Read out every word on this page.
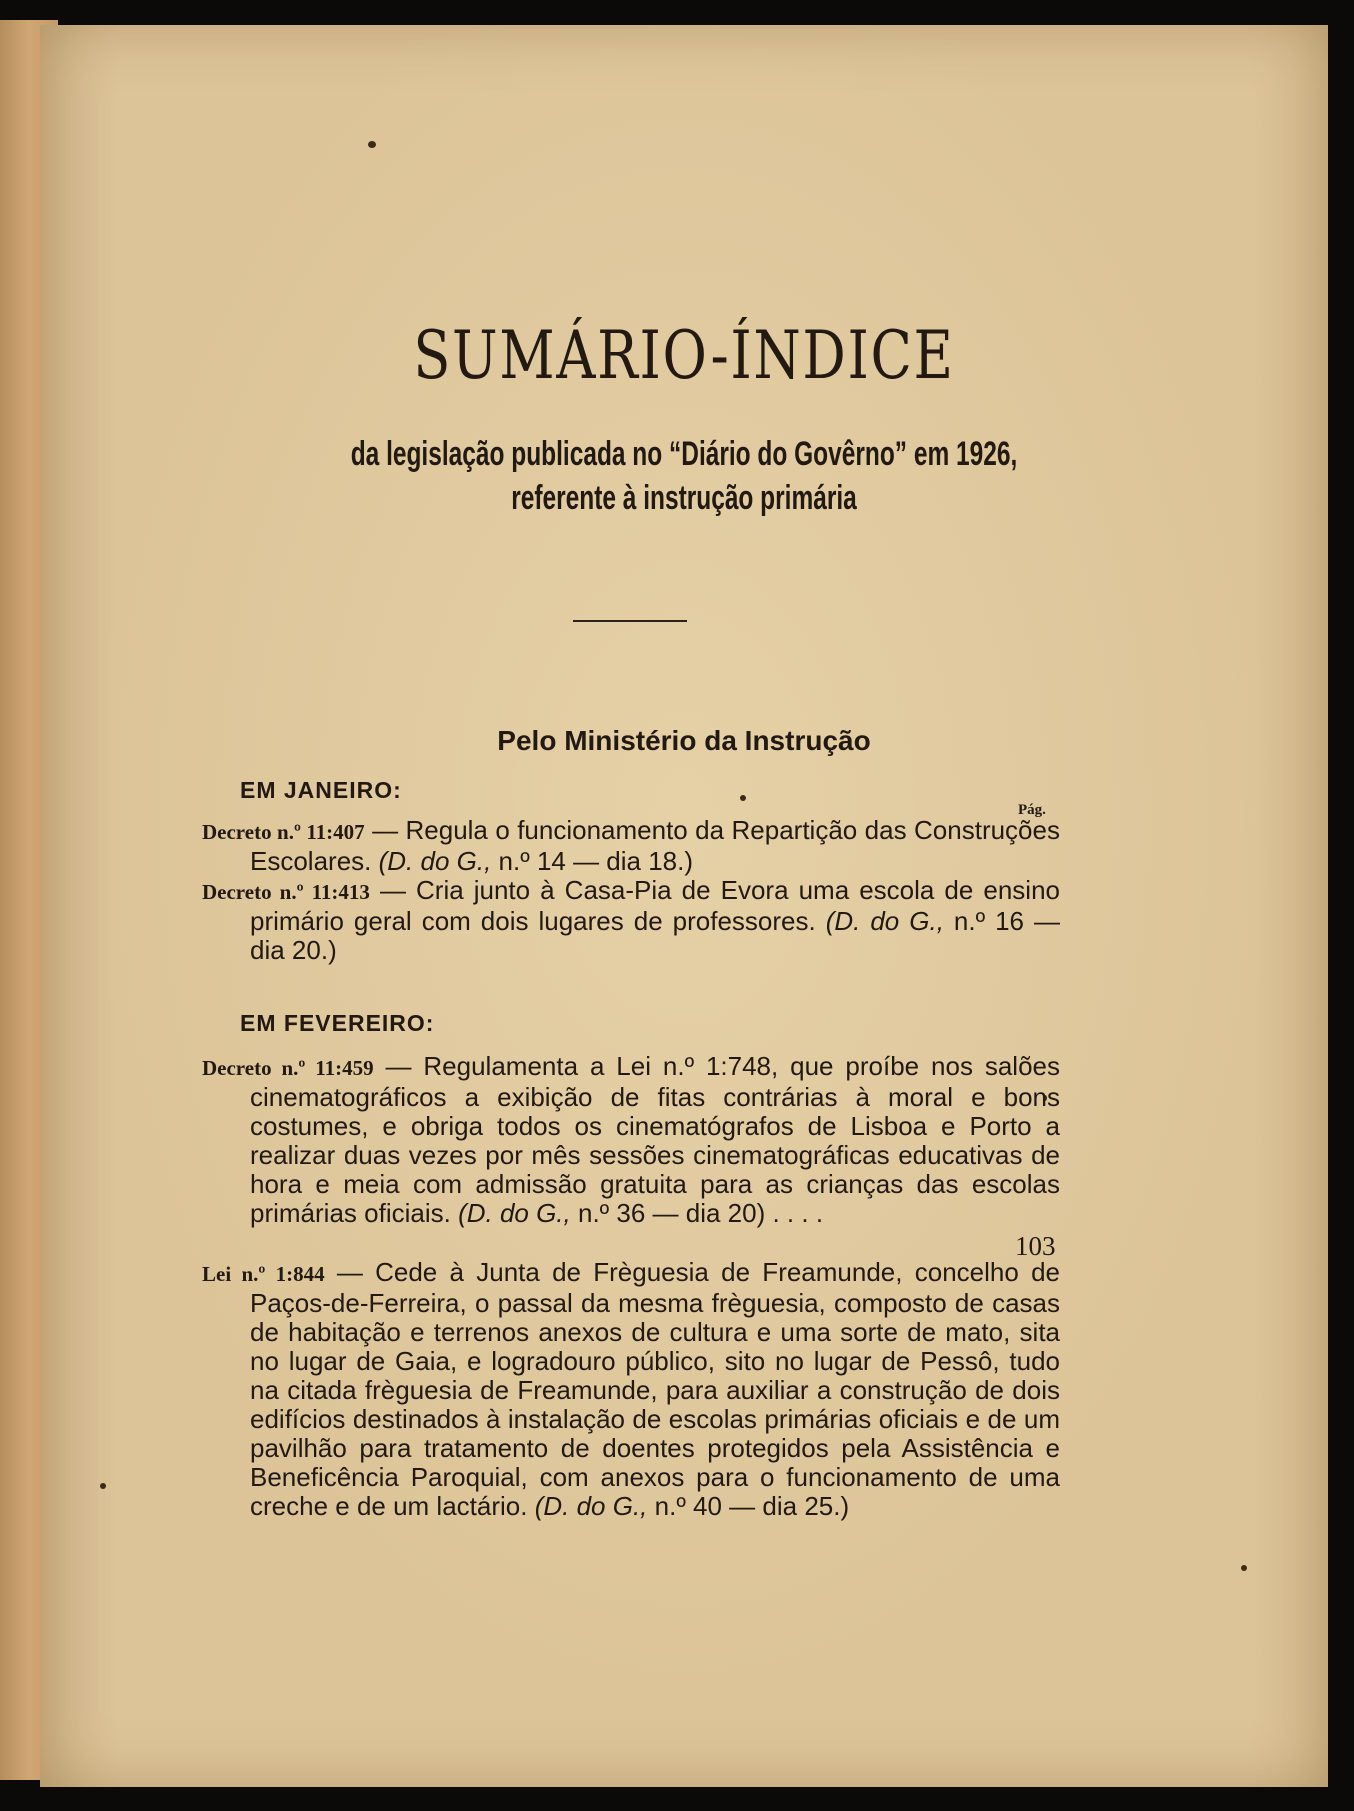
SUMÁRIO-ÍNDICE
da legislação publicada no “Diário do Govêrno” em 1926,
referente à instrução primária
Pelo Ministério da Instrução
EM JANEIRO:
Pág.
Decreto n.º 11:407 — Regula o funcionamento da Repartição das Construções Escolares. (D. do G., n.º 14 — dia 18.)
Decreto n.º 11:413 — Cria junto à Casa-Pia de Evora uma escola de ensino primário geral com dois lugares de professores. (D. do G., n.º 16 — dia 20.)
EM FEVEREIRO:
Decreto n.º 11:459 — Regulamenta a Lei n.º 1:748, que proíbe nos salões cinematográficos a exibição de fitas contrárias à moral e bons costumes, e obriga todos os cinematógrafos de Lisboa e Porto a realizar duas vezes por mês sessões cinematográficas educativas de hora e meia com admissão gratuita para as crianças das escolas primárias oficiais. (D. do G., n.º 36 — dia 20) . . . .
103
Lei n.º 1:844 — Cede à Junta de Frèguesia de Freamunde, concelho de Paços-de-Ferreira, o passal da mesma frèguesia, composto de casas de habitação e terrenos anexos de cultura e uma sorte de mato, sita no lugar de Gaia, e logradouro público, sito no lugar de Pessô, tudo na citada frèguesia de Freamunde, para auxiliar a construção de dois edifícios destinados à instalação de escolas primárias oficiais e de um pavilhão para tratamento de doentes protegidos pela Assistência e Beneficência Paroquial, com anexos para o funcionamento de uma creche e de um lactário. (D. do G., n.º 40 — dia 25.)
